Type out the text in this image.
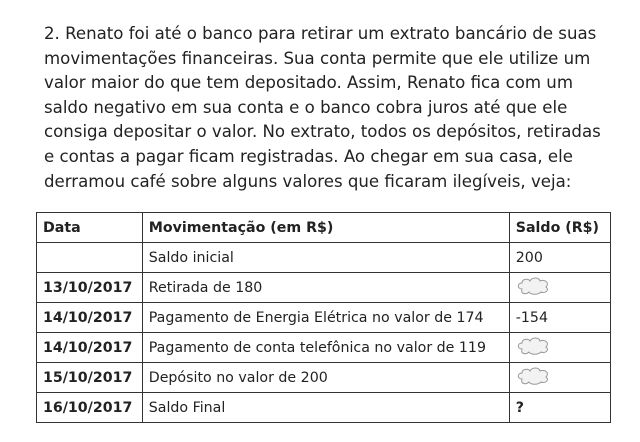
2. Renato foi até o banco para retirar um extrato bancário de suas movimentações financeiras. Sua conta permite que ele utilize um valor maior do que tem depositado. Assim, Renato fica com um saldo negativo em sua conta e o banco cobra juros até que ele consiga depositar o valor. No extrato, todos os depósitos, retiradas e contas a pagar ficam registradas. Ao chegar em sua casa, ele derramou café sobre alguns valores que ficaram ilegíveis, veja:

Data	Movimentação (em R$)	Saldo (R$)
	Saldo inicial	200
13/10/2017	Retirada de 180	
14/10/2017	Pagamento de Energia Elétrica no valor de 174	-154
14/10/2017	Pagamento de conta telefônica no valor de 119	
15/10/2017	Depósito no valor de 200	
16/10/2017	Saldo Final	?
